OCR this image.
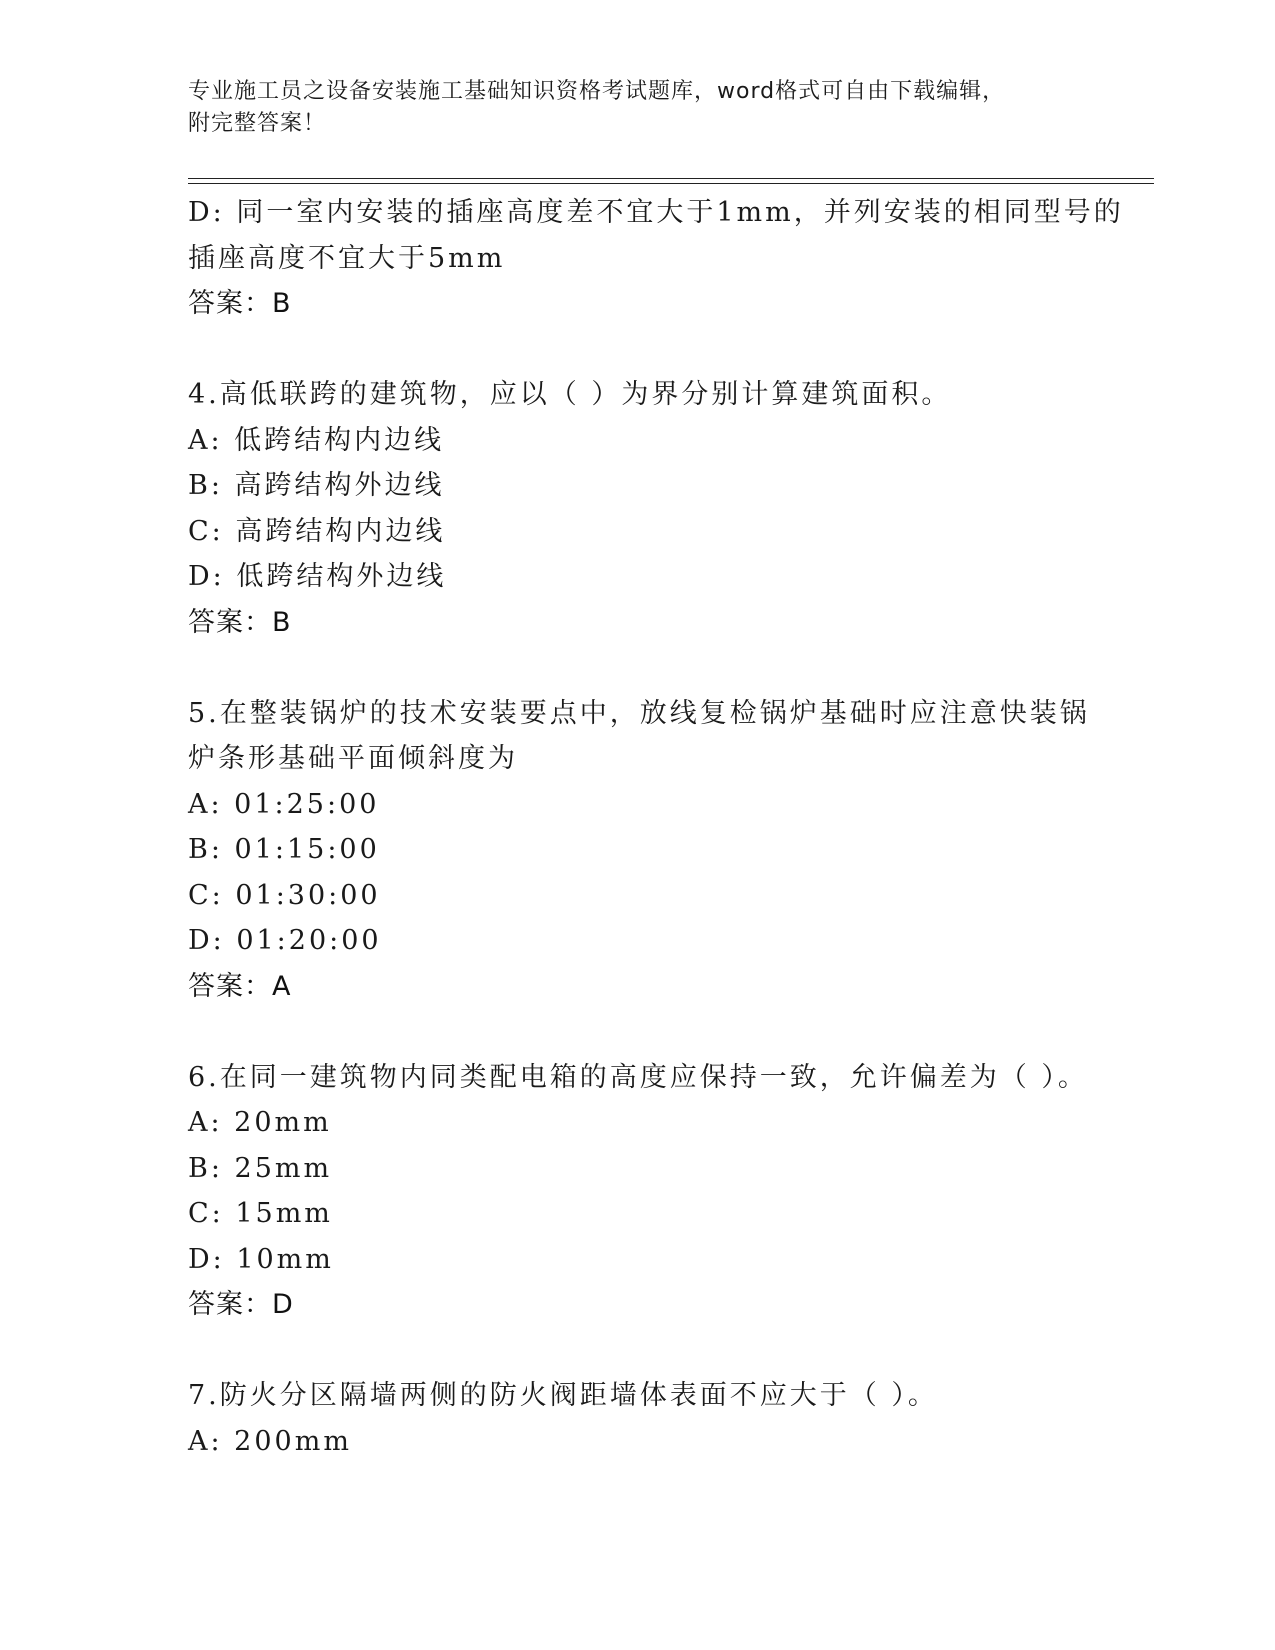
专业施工员之设备安装施工基础知识资格考试题库，word格式可自由下载编辑，
附完整答案！
D: 同一室内安装的插座高度差不宜大于1mm，并列安装的相同型号的
插座高度不宜大于5mm
答案：B
4.高低联跨的建筑物，应以（ ）为界分别计算建筑面积。
A: 低跨结构内边线
B: 高跨结构外边线
C: 高跨结构内边线
D: 低跨结构外边线
答案：B
5.在整装锅炉的技术安装要点中，放线复检锅炉基础时应注意快装锅
炉条形基础平面倾斜度为
A: 01:25:00
B: 01:15:00
C: 01:30:00
D: 01:20:00
答案：A
6.在同一建筑物内同类配电箱的高度应保持一致，允许偏差为（ ）。
A: 20mm
B: 25mm
C: 15mm
D: 10mm
答案：D
7.防火分区隔墙两侧的防火阀距墙体表面不应大于（ ）。
A: 200mm
